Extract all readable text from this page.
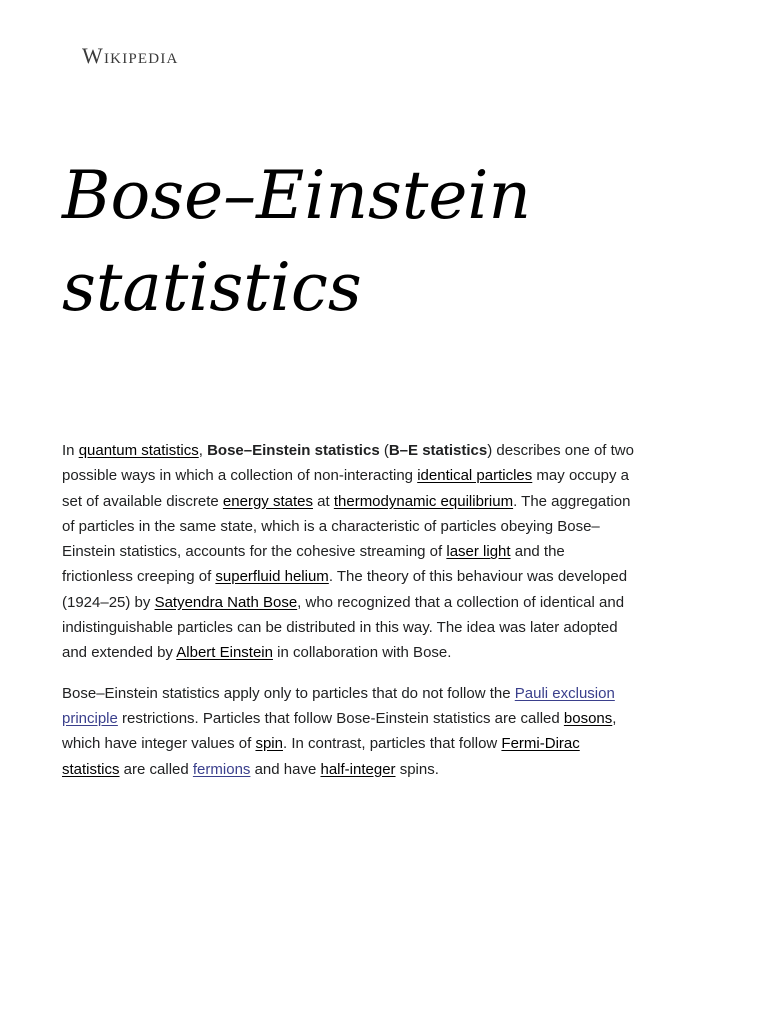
Wikipedia
Bose–Einstein
statistics

In quantum statistics, Bose–Einstein statistics (B–E statistics) describes one of two possible ways in which a collection of non-interacting identical particles may occupy a set of available discrete energy states at thermodynamic equilibrium. The aggregation of particles in the same state, which is a characteristic of particles obeying Bose–Einstein statistics, accounts for the cohesive streaming of laser light and the frictionless creeping of superfluid helium. The theory of this behaviour was developed (1924–25) by Satyendra Nath Bose, who recognized that a collection of identical and indistinguishable particles can be distributed in this way. The idea was later adopted and extended by Albert Einstein in collaboration with Bose.

Bose–Einstein statistics apply only to particles that do not follow the Pauli exclusion principle restrictions. Particles that follow Bose-Einstein statistics are called bosons, which have integer values of spin. In contrast, particles that follow Fermi-Dirac statistics are called fermions and have half-integer spins.
